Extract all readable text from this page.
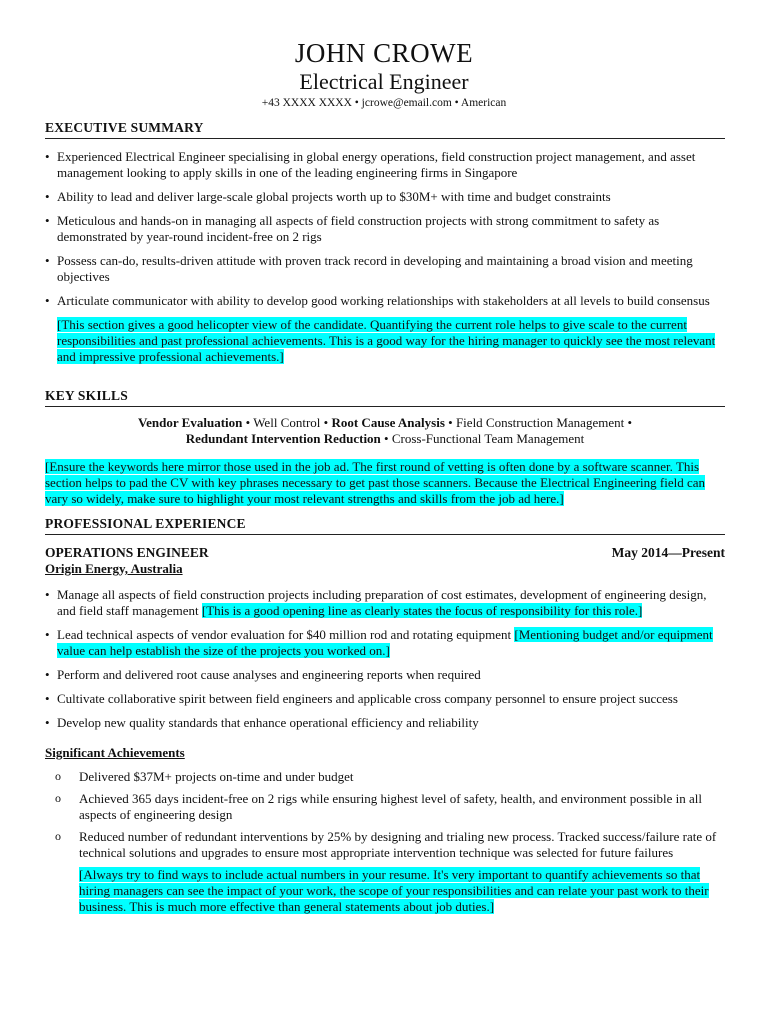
JOHN CROWE
Electrical Engineer
+43 XXXX XXXX • jcrowe@email.com • American
EXECUTIVE SUMMARY
• Experienced Electrical Engineer specialising in global energy operations, field construction project management, and asset management looking to apply skills in one of the leading engineering firms in Singapore
• Ability to lead and deliver large-scale global projects worth up to $30M+ with time and budget constraints
• Meticulous and hands-on in managing all aspects of field construction projects with strong commitment to safety as demonstrated by year-round incident-free on 2 rigs
• Possess can-do, results-driven attitude with proven track record in developing and maintaining a broad vision and meeting objectives
• Articulate communicator with ability to develop good working relationships with stakeholders at all levels to build consensus
[This section gives a good helicopter view of the candidate. Quantifying the current role helps to give scale to the current responsibilities and past professional achievements. This is a good way for the hiring manager to quickly see the most relevant and impressive professional achievements.]
KEY SKILLS
Vendor Evaluation • Well Control • Root Cause Analysis • Field Construction Management •
Redundant Intervention Reduction • Cross-Functional Team Management
[Ensure the keywords here mirror those used in the job ad. The first round of vetting is often done by a software scanner. This section helps to pad the CV with key phrases necessary to get past those scanners. Because the Electrical Engineering field can vary so widely, make sure to highlight your most relevant strengths and skills from the job ad here.]
PROFESSIONAL EXPERIENCE
OPERATIONS ENGINEER	May 2014—Present
Origin Energy, Australia
• Manage all aspects of field construction projects including preparation of cost estimates, development of engineering design, and field staff management [This is a good opening line as clearly states the focus of responsibility for this role.]
• Lead technical aspects of vendor evaluation for $40 million rod and rotating equipment [Mentioning budget and/or equipment value can help establish the size of the projects you worked on.]
• Perform and delivered root cause analyses and engineering reports when required
• Cultivate collaborative spirit between field engineers and applicable cross company personnel to ensure project success
• Develop new quality standards that enhance operational efficiency and reliability
Significant Achievements
o Delivered $37M+ projects on-time and under budget
o Achieved 365 days incident-free on 2 rigs while ensuring highest level of safety, health, and environment possible in all aspects of engineering design
o Reduced number of redundant interventions by 25% by designing and trialing new process. Tracked success/failure rate of technical solutions and upgrades to ensure most appropriate intervention technique was selected for future failures
[Always try to find ways to include actual numbers in your resume. It's very important to quantify achievements so that hiring managers can see the impact of your work, the scope of your responsibilities and can relate your past work to their business. This is much more effective than general statements about job duties.]
